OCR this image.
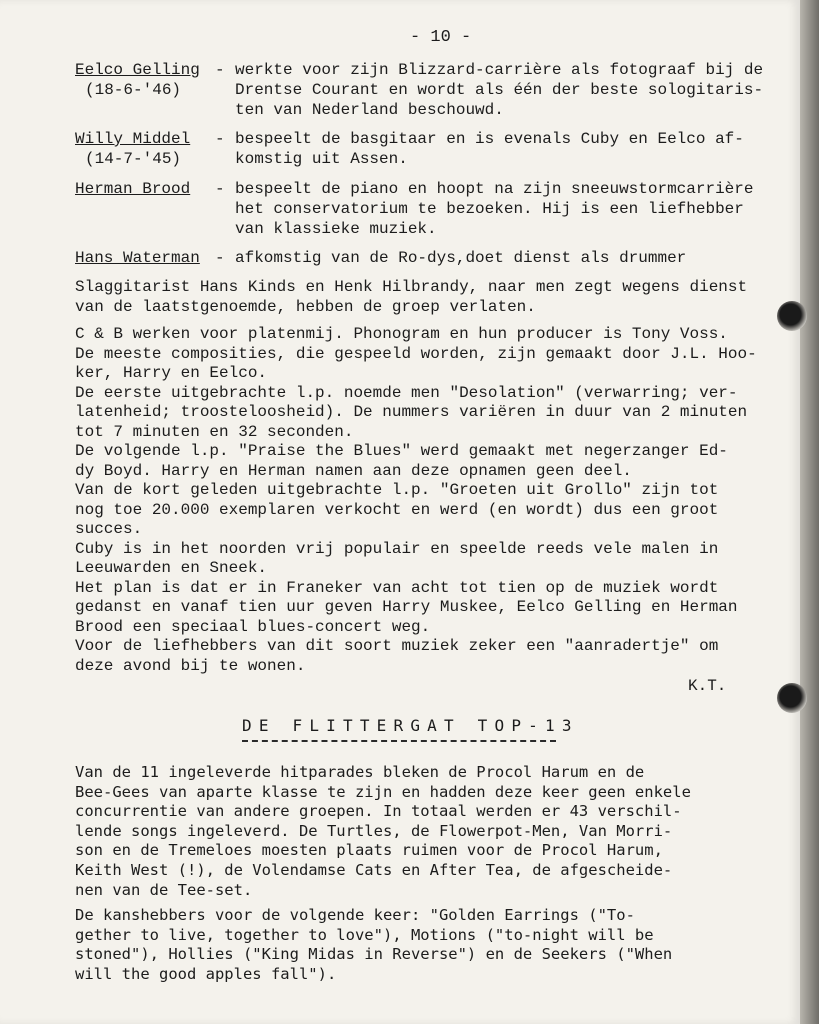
- 10 -
Eelco Gelling
(18-6-'46)
- werkte voor zijn Blizzard-carrière als fotograaf bij de
Drentse Courant en wordt als één der beste sologitaris-
ten van Nederland beschouwd.
Willy Middel
(14-7-'45)
- bespeelt de basgitaar en is evenals Cuby en Eelco af-
komstig uit Assen.
Herman Brood	- bespeelt de piano en hoopt na zijn sneeuwstormcarrière
het conservatorium te bezoeken. Hij is een liefhebber
van klassieke muziek.
Hans Waterman - afkomstig van de Ro-dys,doet dienst als drummer
Slaggitarist Hans Kinds en Henk Hilbrandy, naar men zegt wegens dienst
van de laatstgenoemde, hebben de groep verlaten.
C & B werken voor platenmij. Phonogram en hun producer is Tony Voss.
De meeste composities, die gespeeld worden, zijn gemaakt door J.L. Hoo-
ker, Harry en Eelco.
De eerste uitgebrachte l.p. noemde men "Desolation" (verwarring; ver-
latenheid; troosteloosheid). De nummers variëren in duur van 2 minuten
tot 7 minuten en 32 seconden.
De volgende l.p. "Praise the Blues" werd gemaakt met negerzanger Ed-
dy Boyd. Harry en Herman namen aan deze opnamen geen deel.
Van de kort geleden uitgebrachte l.p. "Groeten uit Grollo" zijn tot
nog toe 20.000 exemplaren verkocht en werd (en wordt) dus een groot
succes.
Cuby is in het noorden vrij populair en speelde reeds vele malen in
Leeuwarden en Sneek.
Het plan is dat er in Franeker van acht tot tien op de muziek wordt
gedanst en vanaf tien uur geven Harry Muskee, Eelco Gelling en Herman
Brood een speciaal blues-concert weg.
Voor de liefhebbers van dit soort muziek zeker een "aanradertje" om
deze avond bij te wonen.
K.T.
DE FLITTERGAT TOP-13
Van de 11 ingeleverde hitparades bleken de Procol Harum en de
Bee-Gees van aparte klasse te zijn en hadden deze keer geen enkele
concurrentie van andere groepen. In totaal werden er 43 verschil-
lende songs ingeleverd. De Turtles, de Flowerpot-Men, Van Morri-
son en de Tremeloes moesten plaats ruimen voor de Procol Harum,
Keith West (!), de Volendamse Cats en After Tea, de afgescheide-
nen van de Tee-set.
De kanshebbers voor de volgende keer: "Golden Earrings ("To-
gether to live, together to love"), Motions ("to-night will be
stoned"), Hollies ("King Midas in Reverse") en de Seekers ("When
will the good apples fall").
